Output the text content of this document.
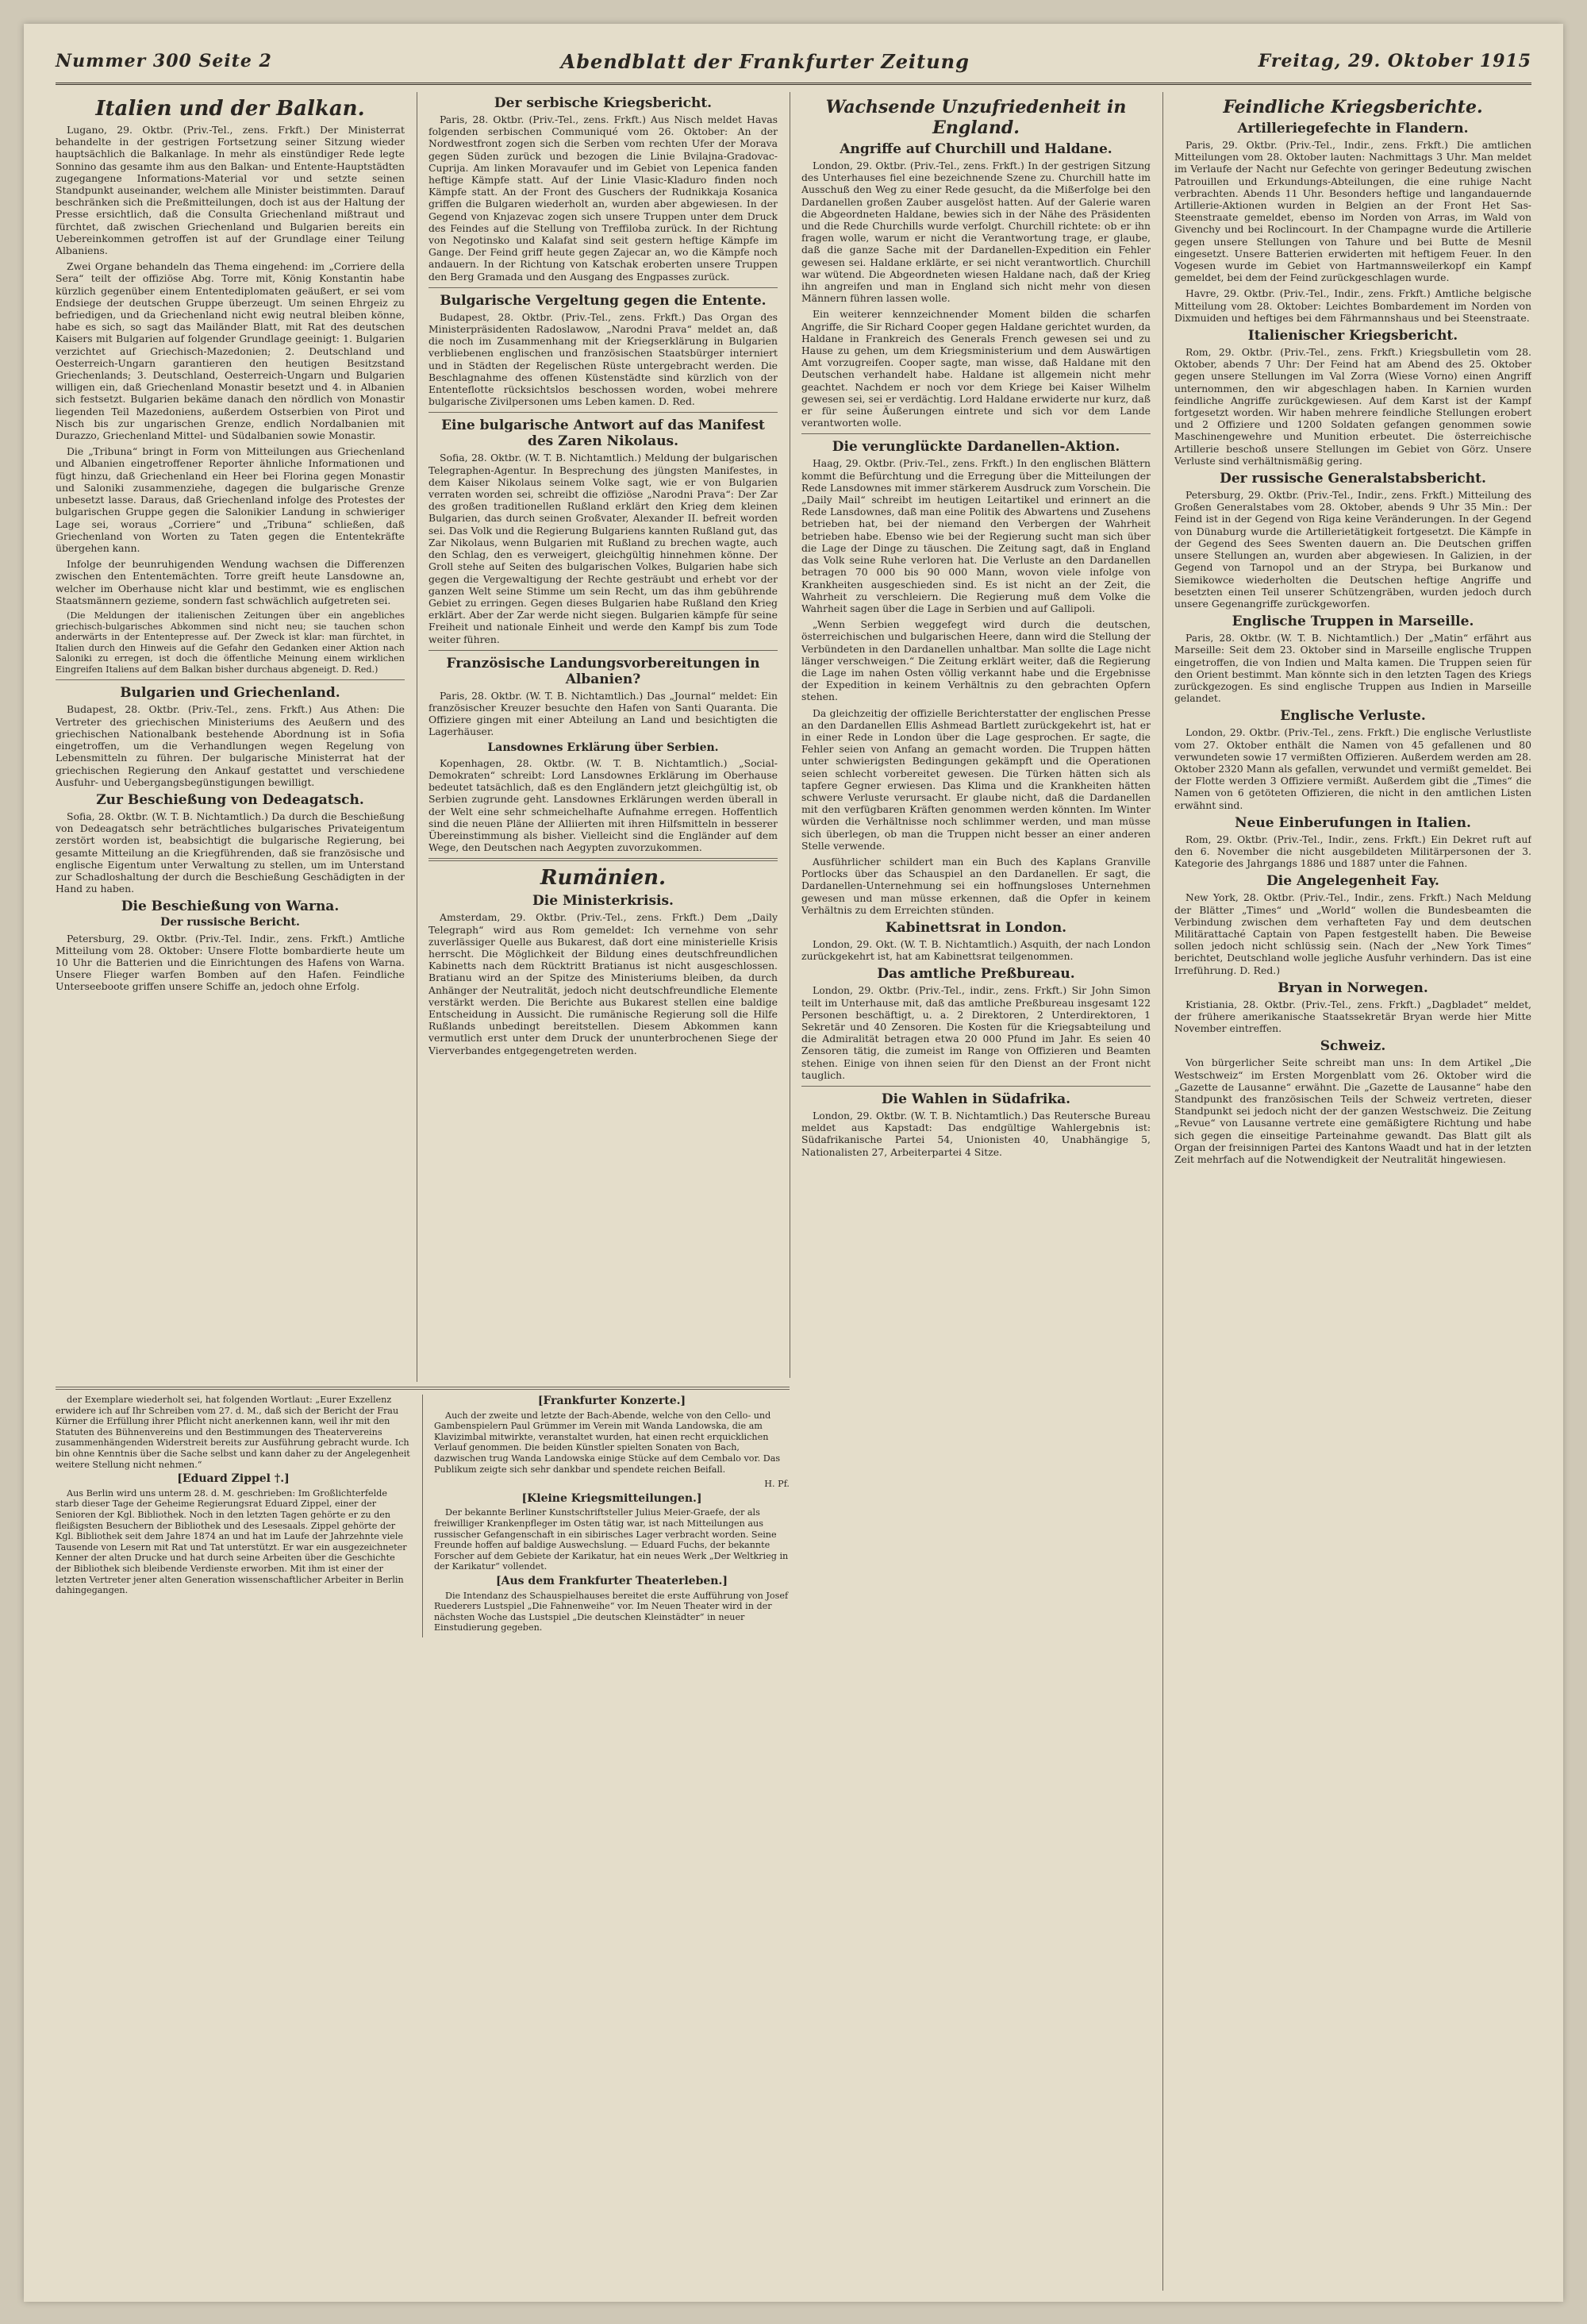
Nummer 300 Seite 2	Abendblatt der Frankfurter Zeitung	Freitag, 29. Oktober 1915
Italien und der Balkan.

Lugano, 29. Oktbr. (Priv.-Tel., zens. Frkft.) Der Ministerrat behandelte in der gestrigen Fortsetzung seiner Sitzung wieder hauptsächlich die Balkanlage. In mehr als einstündiger Rede legte Sonnino das gesamte ihm aus den Balkan- und Entente-Hauptstädten zugegangene Informations-Material vor und setzte seinen Standpunkt auseinander, welchem alle Minister beistimmten. Darauf beschränken sich die Preßmitteilungen, doch ist aus der Haltung der Presse ersichtlich, daß die Consulta Griechenland mißtraut und fürchtet, daß zwischen Griechenland und Bulgarien bereits ein Uebereinkommen getroffen ist auf der Grundlage einer Teilung Albaniens.

Zwei Organe behandeln das Thema eingehend: im „Corriere della Sera“ teilt der offiziöse Abg. Torre mit, König Konstantin habe kürzlich gegenüber einem Ententediplomaten geäußert, er sei vom Endsiege der deutschen Gruppe überzeugt. Um seinen Ehrgeiz zu befriedigen, und da Griechenland nicht ewig neutral bleiben könne, habe es sich, so sagt das Mailänder Blatt, mit Rat des deutschen Kaisers mit Bulgarien auf folgender Grundlage geeinigt: 1. Bulgarien verzichtet auf Griechisch-Mazedonien; 2. Deutschland und Oesterreich-Ungarn garantieren den heutigen Besitzstand Griechenlands; 3. Deutschland, Oesterreich-Ungarn und Bulgarien willigen ein, daß Griechenland Monastir besetzt und 4. in Albanien sich festsetzt. Bulgarien bekäme danach den nördlich von Monastir liegenden Teil Mazedoniens, außerdem Ostserbien von Pirot und Nisch bis zur ungarischen Grenze, endlich Nordalbanien mit Durazzo, Griechenland Mittel- und Südalbanien sowie Monastir.

Die „Tribuna“ bringt in Form von Mitteilungen aus Griechenland und Albanien eingetroffener Reporter ähnliche Informationen und fügt hinzu, daß Griechenland ein Heer bei Florina gegen Monastir und Saloniki zusammenziehe, dagegen die bulgarische Grenze unbesetzt lasse. Daraus, daß Griechenland infolge des Protestes der bulgarischen Gruppe gegen die Salonikier Landung in schwieriger Lage sei, woraus „Corriere“ und „Tribuna“ schließen, daß Griechenland von Worten zu Taten gegen die Ententekräfte übergehen kann.

Infolge der beunruhigenden Wendung wachsen die Differenzen zwischen den Ententemächten. Torre greift heute Lansdowne an, welcher im Oberhause nicht klar und bestimmt, wie es englischen Staatsmännern gezieme, sondern fast schwächlich aufgetreten sei.

(Die Meldungen der italienischen Zeitungen über ein angebliches griechisch-bulgarisches Abkommen sind nicht neu; sie tauchen schon anderwärts in der Ententepresse auf. Der Zweck ist klar: man fürchtet, in Italien durch den Hinweis auf die Gefahr den Gedanken einer Aktion nach Saloniki zu erregen, ist doch die öffentliche Meinung einem wirklichen Eingreifen Italiens auf dem Balkan bisher durchaus abgeneigt. D. Red.)

Bulgarien und Griechenland.

Budapest, 28. Oktbr. (Priv.-Tel., zens. Frkft.) Aus Athen: Die Vertreter des griechischen Ministeriums des Aeußern und des griechischen Nationalbank bestehende Abordnung ist in Sofia eingetroffen, um die Verhandlungen wegen Regelung von Lebensmitteln zu führen. Der bulgarische Ministerrat hat der griechischen Regierung den Ankauf gestattet und verschiedene Ausfuhr- und Uebergangsbegünstigungen bewilligt.

Zur Beschießung von Dedeagatsch.

Sofia, 28. Oktbr. (W. T. B. Nichtamtlich.) Da durch die Beschießung von Dedeagatsch sehr beträchtliches bulgarisches Privateigentum zerstört worden ist, beabsichtigt die bulgarische Regierung, bei gesamte Mitteilung an die Kriegführenden, daß sie französische und englische Eigentum unter Verwaltung zu stellen, um im Unterstand zur Schadloshaltung der durch die Beschießung Geschädigten in der Hand zu haben.

Die Beschießung von Warna.
Der russische Bericht.

Petersburg, 29. Oktbr. (Priv.-Tel. Indir., zens. Frkft.) Amtliche Mitteilung vom 28. Oktober: Unsere Flotte bombardierte heute um 10 Uhr die Batterien und die Einrichtungen des Hafens von Warna. Unsere Flieger warfen Bomben auf den Hafen. Feindliche Unterseeboote griffen unsere Schiffe an, jedoch ohne Erfolg.

Der serbische Kriegsbericht.

Paris, 28. Oktbr. (Priv.-Tel., zens. Frkft.) Aus Nisch meldet Havas folgenden serbischen Communiqué vom 26. Oktober: An der Nordwestfront zogen sich die Serben vom rechten Ufer der Morava gegen Süden zurück und bezogen die Linie Bvilajna-Gradovac-Cuprija. Am linken Moravaufer und im Gebiet von Lepenica fanden heftige Kämpfe statt. Auf der Linie Vlasic-Kladuro finden noch Kämpfe statt. An der Front des Guschers der Rudnikkaja Kosanica griffen die Bulgaren wiederholt an, wurden aber abgewiesen. In der Gegend von Knjazevac zogen sich unsere Truppen unter dem Druck des Feindes auf die Stellung von Treffiloba zurück. In der Richtung von Negotinsko und Kalafat sind seit gestern heftige Kämpfe im Gange. Der Feind griff heute gegen Zajecar an, wo die Kämpfe noch andauern. In der Richtung von Katschak eroberten unsere Truppen den Berg Gramada und den Ausgang des Engpasses zurück.

Bulgarische Vergeltung gegen die Entente.

Budapest, 28. Oktbr. (Priv.-Tel., zens. Frkft.) Das Organ des Ministerpräsidenten Radoslawow, „Narodni Prava“ meldet an, daß die noch im Zusammenhang mit der Kriegserklärung in Bulgarien verbliebenen englischen und französischen Staatsbürger interniert und in Städten der Regelischen Rüste untergebracht werden. Die Beschlagnahme des offenen Küstenstädte sind kürzlich von der Ententeflotte rücksichtslos beschossen worden, wobei mehrere bulgarische Zivilpersonen ums Leben kamen. D. Red.

Eine bulgarische Antwort auf das Manifest des Zaren Nikolaus.

Sofia, 28. Oktbr. (W. T. B. Nichtamtlich.) Meldung der bulgarischen Telegraphen-Agentur. In Besprechung des jüngsten Manifestes, in dem Kaiser Nikolaus seinem Volke sagt, wie er von Bulgarien verraten worden sei, schreibt die offiziöse „Narodni Prava“: Der Zar des großen traditionellen Rußland erklärt den Krieg dem kleinen Bulgarien, das durch seinen Großvater, Alexander II. befreit worden sei. Das Volk und die Regierung Bulgariens kannten Rußland gut, das Zar Nikolaus, wenn Bulgarien mit Rußland zu brechen wagte, auch den Schlag, den es verweigert, gleichgültig hinnehmen könne. Der Groll stehe auf Seiten des bulgarischen Volkes, Bulgarien habe sich gegen die Vergewaltigung der Rechte gesträubt und erhebt vor der ganzen Welt seine Stimme um sein Recht, um das ihm gebührende Gebiet zu erringen. Gegen dieses Bulgarien habe Rußland den Krieg erklärt. Aber der Zar werde nicht siegen. Bulgarien kämpfe für seine Freiheit und nationale Einheit und werde den Kampf bis zum Tode weiter führen.

Französische Landungsvorbereitungen in Albanien?

Paris, 28. Oktbr. (W. T. B. Nichtamtlich.) Das „Journal“ meldet: Ein französischer Kreuzer besuchte den Hafen von Santi Quaranta. Die Offiziere gingen mit einer Abteilung an Land und besichtigten die Lagerhäuser.

Lansdownes Erklärung über Serbien.

Kopenhagen, 28. Oktbr. (W. T. B. Nichtamtlich.) „Social-Demokraten“ schreibt: Lord Lansdownes Erklärung im Oberhause bedeutet tatsächlich, daß es den Engländern jetzt gleichgültig ist, ob Serbien zugrunde geht. Lansdownes Erklärungen werden überall in der Welt eine sehr schmeichelhafte Aufnahme erregen. Hoffentlich sind die neuen Pläne der Alliierten mit ihren Hilfsmitteln in besserer Übereinstimmung als bisher. Vielleicht sind die Engländer auf dem Wege, den Deutschen nach Aegypten zuvorzukommen.

Rumänien.
Die Ministerkrisis.

Amsterdam, 29. Oktbr. (Priv.-Tel., zens. Frkft.) Dem „Daily Telegraph“ wird aus Rom gemeldet: Ich vernehme von sehr zuverlässiger Quelle aus Bukarest, daß dort eine ministerielle Krisis herrscht. Die Möglichkeit der Bildung eines deutschfreundlichen Kabinetts nach dem Rücktritt Bratianus ist nicht ausgeschlossen. Bratianu wird an der Spitze des Ministeriums bleiben, da durch Anhänger der Neutralität, jedoch nicht deutschfreundliche Elemente verstärkt werden. Die Berichte aus Bukarest stellen eine baldige Entscheidung in Aussicht. Die rumänische Regierung soll die Hilfe Rußlands unbedingt bereitstellen. Diesem Abkommen kann vermutlich erst unter dem Druck der ununterbrochenen Siege der Vierverbandes entgegengetreten werden.

Wachsende Unzufriedenheit in England.
Angriffe auf Churchill und Haldane.

London, 29. Oktbr. (Priv.-Tel., zens. Frkft.) In der gestrigen Sitzung des Unterhauses fiel eine bezeichnende Szene zu. Churchill hatte im Ausschuß den Weg zu einer Rede gesucht, da die Mißerfolge bei den Dardanellen großen Zauber ausgelöst hatten. Auf der Galerie waren die Abgeordneten Haldane, bewies sich in der Nähe des Präsidenten und die Rede Churchills wurde verfolgt. Churchill richtete: ob er ihn fragen wolle, warum er nicht die Verantwortung trage, er glaube, daß die ganze Sache mit der Dardanellen-Expedition ein Fehler gewesen sei. Haldane erklärte, er sei nicht verantwortlich. Churchill war wütend. Die Abgeordneten wiesen Haldane nach, daß der Krieg ihn angreifen und man in England sich nicht mehr von diesen Männern führen lassen wolle.

Ein weiterer kennzeichnender Moment bilden die scharfen Angriffe, die Sir Richard Cooper gegen Haldane gerichtet wurden, da Haldane in Frankreich des Generals French gewesen sei und zu Hause zu gehen, um dem Kriegsministerium und dem Auswärtigen Amt vorzugreifen. Cooper sagte, man wisse, daß Haldane mit den Deutschen verhandelt habe. Haldane ist allgemein nicht mehr geachtet. Nachdem er noch vor dem Kriege bei Kaiser Wilhelm gewesen sei, sei er verdächtig. Lord Haldane erwiderte nur kurz, daß er für seine Äußerungen eintrete und sich vor dem Lande verantworten wolle.

Die verunglückte Dardanellen-Aktion.

Haag, 29. Oktbr. (Priv.-Tel., zens. Frkft.) In den englischen Blättern kommt die Befürchtung und die Erregung über die Mitteilungen der Rede Lansdownes mit immer stärkerem Ausdruck zum Vorschein. Die „Daily Mail“ schreibt im heutigen Leitartikel und erinnert an die Rede Lansdownes, daß man eine Politik des Abwartens und Zusehens betrieben hat, bei der niemand den Verbergen der Wahrheit betrieben habe. Ebenso wie bei der Regierung sucht man sich über die Lage der Dinge zu täuschen. Die Zeitung sagt, daß in England das Volk seine Ruhe verloren hat. Die Verluste an den Dardanellen betragen 70 000 bis 90 000 Mann, wovon viele infolge von Krankheiten ausgeschieden sind. Es ist nicht an der Zeit, die Wahrheit zu verschleiern. Die Regierung muß dem Volke die Wahrheit sagen über die Lage in Serbien und auf Gallipoli.

„Wenn Serbien weggefegt wird durch die deutschen, österreichischen und bulgarischen Heere, dann wird die Stellung der Verbündeten in den Dardanellen unhaltbar. Man sollte die Lage nicht länger verschweigen.“ Die Zeitung erklärt weiter, daß die Regierung die Lage im nahen Osten völlig verkannt habe und die Ergebnisse der Expedition in keinem Verhältnis zu den gebrachten Opfern stehen.

Da gleichzeitig der offizielle Berichterstatter der englischen Presse an den Dardanellen Ellis Ashmead Bartlett zurückgekehrt ist, hat er in einer Rede in London über die Lage gesprochen. Er sagte, die Fehler seien von Anfang an gemacht worden. Die Truppen hätten unter schwierigsten Bedingungen gekämpft und die Operationen seien schlecht vorbereitet gewesen. Die Türken hätten sich als tapfere Gegner erwiesen. Das Klima und die Krankheiten hätten schwere Verluste verursacht. Er glaube nicht, daß die Dardanellen mit den verfügbaren Kräften genommen werden könnten. Im Winter würden die Verhältnisse noch schlimmer werden, und man müsse sich überlegen, ob man die Truppen nicht besser an einer anderen Stelle verwende.

Ausführlicher schildert man ein Buch des Kaplans Granville Portlocks über das Schauspiel an den Dardanellen. Er sagt, die Dardanellen-Unternehmung sei ein hoffnungsloses Unternehmen gewesen und man müsse erkennen, daß die Opfer in keinem Verhältnis zu dem Erreichten stünden.

Kabinettsrat in London.

London, 29. Okt. (W. T. B. Nichtamtlich.) Asquith, der nach London zurückgekehrt ist, hat am Kabinettsrat teilgenommen.

Das amtliche Preßbureau.

London, 29. Oktbr. (Priv.-Tel., indir., zens. Frkft.) Sir John Simon teilt im Unterhause mit, daß das amtliche Preßbureau insgesamt 122 Personen beschäftigt, u. a. 2 Direktoren, 2 Unterdirektoren, 1 Sekretär und 40 Zensoren. Die Kosten für die Kriegsabteilung und die Admiralität betragen etwa 20 000 Pfund im Jahr. Es seien 40 Zensoren tätig, die zumeist im Range von Offizieren und Beamten stehen. Einige von ihnen seien für den Dienst an der Front nicht tauglich.

Die Wahlen in Südafrika.

London, 29. Oktbr. (W. T. B. Nichtamtlich.) Das Reutersche Bureau meldet aus Kapstadt: Das endgültige Wahlergebnis ist: Südafrikanische Partei 54, Unionisten 40, Unabhängige 5, Nationalisten 27, Arbeiterpartei 4 Sitze.

Feindliche Kriegsberichte.
Artilleriegefechte in Flandern.

Paris, 29. Oktbr. (Priv.-Tel., Indir., zens. Frkft.) Die amtlichen Mitteilungen vom 28. Oktober lauten: Nachmittags 3 Uhr. Man meldet im Verlaufe der Nacht nur Gefechte von geringer Bedeutung zwischen Patrouillen und Erkundungs-Abteilungen, die eine ruhige Nacht verbrachten. Abends 11 Uhr. Besonders heftige und langandauernde Artillerie-Aktionen wurden in Belgien an der Front Het Sas-Steenstraate gemeldet, ebenso im Norden von Arras, im Wald von Givenchy und bei Roclincourt. In der Champagne wurde die Artillerie gegen unsere Stellungen von Tahure und bei Butte de Mesnil eingesetzt. Unsere Batterien erwiderten mit heftigem Feuer. In den Vogesen wurde im Gebiet von Hartmannsweilerkopf ein Kampf gemeldet, bei dem der Feind zurückgeschlagen wurde.

Havre, 29. Oktbr. (Priv.-Tel., Indir., zens. Frkft.) Amtliche belgische Mitteilung vom 28. Oktober: Leichtes Bombardement im Norden von Dixmuiden und heftiges bei dem Fährmannshaus und bei Steenstraate.

Italienischer Kriegsbericht.

Rom, 29. Oktbr. (Priv.-Tel., zens. Frkft.) Kriegsbulletin vom 28. Oktober, abends 7 Uhr: Der Feind hat am Abend des 25. Oktober gegen unsere Stellungen im Val Zorra (Wiese Vorno) einen Angriff unternommen, den wir abgeschlagen haben. In Karnien wurden feindliche Angriffe zurückgewiesen. Auf dem Karst ist der Kampf fortgesetzt worden. Wir haben mehrere feindliche Stellungen erobert und 2 Offiziere und 1200 Soldaten gefangen genommen sowie Maschinengewehre und Munition erbeutet. Die österreichische Artillerie beschoß unsere Stellungen im Gebiet von Görz. Unsere Verluste sind verhältnismäßig gering.

Der russische Generalstabsbericht.

Petersburg, 29. Oktbr. (Priv.-Tel., Indir., zens. Frkft.) Mitteilung des Großen Generalstabes vom 28. Oktober, abends 9 Uhr 35 Min.: Der Feind ist in der Gegend von Riga keine Veränderungen. In der Gegend von Dünaburg wurde die Artillerietätigkeit fortgesetzt. Die Kämpfe in der Gegend des Sees Swenten dauern an. Die Deutschen griffen unsere Stellungen an, wurden aber abgewiesen. In Galizien, in der Gegend von Tarnopol und an der Strypa, bei Burkanow und Siemikowce wiederholten die Deutschen heftige Angriffe und besetzten einen Teil unserer Schützengräben, wurden jedoch durch unsere Gegenangriffe zurückgeworfen.

Englische Truppen in Marseille.

Paris, 28. Oktbr. (W. T. B. Nichtamtlich.) Der „Matin“ erfährt aus Marseille: Seit dem 23. Oktober sind in Marseille englische Truppen eingetroffen, die von Indien und Malta kamen. Die Truppen seien für den Orient bestimmt. Man könnte sich in den letzten Tagen des Kriegs zurückgezogen. Es sind englische Truppen aus Indien in Marseille gelandet.

Englische Verluste.

London, 29. Oktbr. (Priv.-Tel., zens. Frkft.) Die englische Verlustliste vom 27. Oktober enthält die Namen von 45 gefallenen und 80 verwundeten sowie 17 vermißten Offizieren. Außerdem werden am 28. Oktober 2320 Mann als gefallen, verwundet und vermißt gemeldet. Bei der Flotte werden 3 Offiziere vermißt. Außerdem gibt die „Times“ die Namen von 6 getöteten Offizieren, die nicht in den amtlichen Listen erwähnt sind.

Neue Einberufungen in Italien.

Rom, 29. Oktbr. (Priv.-Tel., Indir., zens. Frkft.) Ein Dekret ruft auf den 6. November die nicht ausgebildeten Militärpersonen der 3. Kategorie des Jahrgangs 1886 und 1887 unter die Fahnen.

Die Angelegenheit Fay.

New York, 28. Oktbr. (Priv.-Tel., Indir., zens. Frkft.) Nach Meldung der Blätter „Times“ und „World“ wollen die Bundesbeamten die Verbindung zwischen dem verhafteten Fay und dem deutschen Militärattaché Captain von Papen festgestellt haben. Die Beweise sollen jedoch nicht schlüssig sein. (Nach der „New York Times“ berichtet, Deutschland wolle jegliche Ausfuhr verhindern. Das ist eine Irreführung. D. Red.)

Bryan in Norwegen.

Kristiania, 28. Oktbr. (Priv.-Tel., zens. Frkft.) „Dagbladet“ meldet, der frühere amerikanische Staatssekretär Bryan werde hier Mitte November eintreffen.

Schweiz.

Von bürgerlicher Seite schreibt man uns: In dem Artikel „Die Westschweiz“ im Ersten Morgenblatt vom 26. Oktober wird die „Gazette de Lausanne“ erwähnt. Die „Gazette de Lausanne“ habe den Standpunkt des französischen Teils der Schweiz vertreten, dieser Standpunkt sei jedoch nicht der der ganzen Westschweiz. Die Zeitung „Revue“ von Lausanne vertrete eine gemäßigtere Richtung und habe sich gegen die einseitige Parteinahme gewandt. Das Blatt gilt als Organ der freisinnigen Partei des Kantons Waadt und hat in der letzten Zeit mehrfach auf die Notwendigkeit der Neutralität hingewiesen.

der Exemplare wiederholt sei, hat folgenden Wortlaut: „Eurer Exzellenz erwidere ich auf Ihr Schreiben vom 27. d. M., daß sich der Bericht der Frau Kürner die Erfüllung ihrer Pflicht nicht anerkennen kann, weil ihr mit den Statuten des Bühnenvereins und den Bestimmungen des Theatervereins zusammenhängenden Widerstreit bereits zur Ausführung gebracht wurde. Ich bin ohne Kenntnis über die Sache selbst und kann daher zu der Angelegenheit weitere Stellung nicht nehmen.“

[Eduard Zippel †.]

Aus Berlin wird uns unterm 28. d. M. geschrieben: Im Großlichterfelde starb dieser Tage der Geheime Regierungsrat Eduard Zippel, einer der Senioren der Kgl. Bibliothek. Noch in den letzten Tagen gehörte er zu den fleißigsten Besuchern der Bibliothek und des Lesesaals. Zippel gehörte der Kgl. Bibliothek seit dem Jahre 1874 an und hat im Laufe der Jahrzehnte viele Tausende von Lesern mit Rat und Tat unterstützt. Er war ein ausgezeichneter Kenner der alten Drucke und hat durch seine Arbeiten über die Geschichte der Bibliothek sich bleibende Verdienste erworben. Mit ihm ist einer der letzten Vertreter jener alten Generation wissenschaftlicher Arbeiter in Berlin dahingegangen.

[Frankfurter Konzerte.]

Auch der zweite und letzte der Bach-Abende, welche von den Cello- und Gambenspielern Paul Grümmer im Verein mit Wanda Landowska, die am Klavizimbal mitwirkte, veranstaltet wurden, hat einen recht erquicklichen Verlauf genommen. Die beiden Künstler spielten Sonaten von Bach, dazwischen trug Wanda Landowska einige Stücke auf dem Cembalo vor. Das Publikum zeigte sich sehr dankbar und spendete reichen Beifall.

H. Pf.

[Kleine Kriegsmitteilungen.]

Der bekannte Berliner Kunstschriftsteller Julius Meier-Graefe, der als freiwilliger Krankenpfleger im Osten tätig war, ist nach Mitteilungen aus russischer Gefangenschaft in ein sibirisches Lager verbracht worden. Seine Freunde hoffen auf baldige Auswechslung. — Eduard Fuchs, der bekannte Forscher auf dem Gebiete der Karikatur, hat ein neues Werk „Der Weltkrieg in der Karikatur“ vollendet.

[Aus dem Frankfurter Theaterleben.]

Die Intendanz des Schauspielhauses bereitet die erste Aufführung von Josef Ruederers Lustspiel „Die Fahnenweihe“ vor. Im Neuen Theater wird in der nächsten Woche das Lustspiel „Die deutschen Kleinstädter“ in neuer Einstudierung gegeben.
